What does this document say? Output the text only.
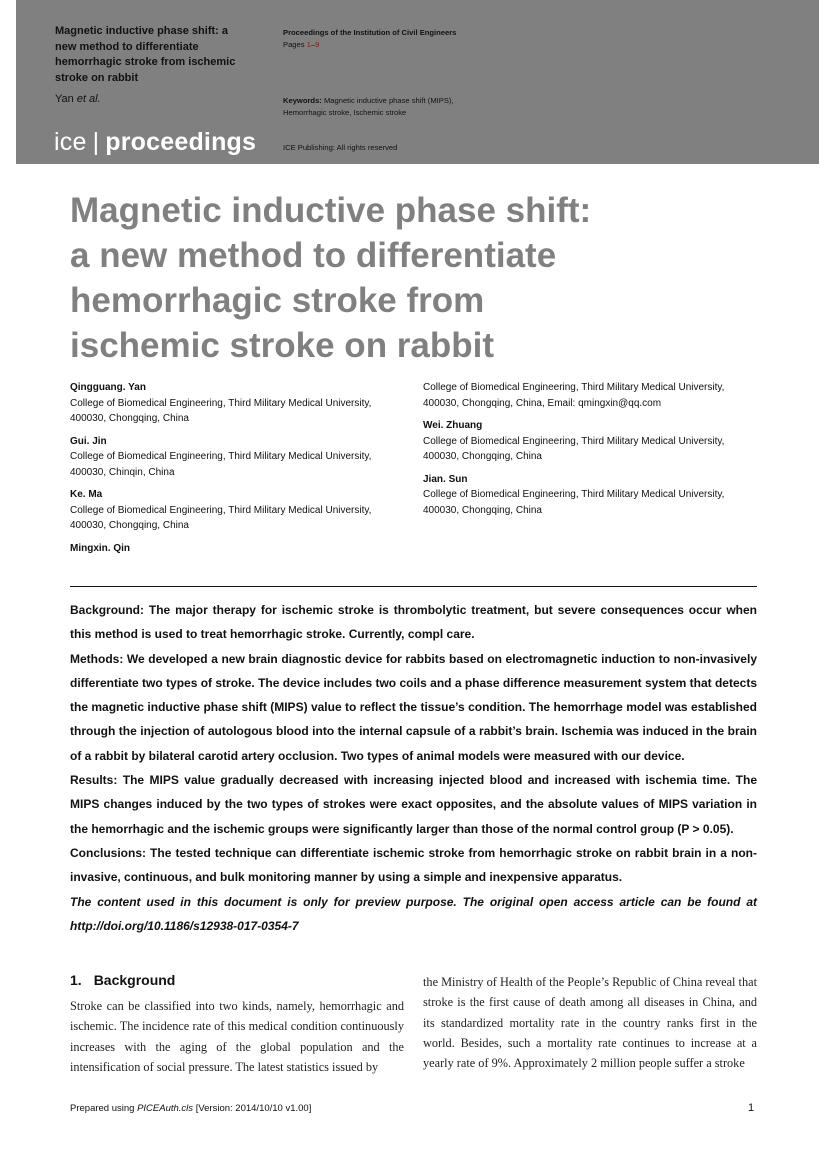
Magnetic inductive phase shift: a new method to differentiate hemorrhagic stroke from ischemic stroke on rabbit
Yan et al.
ice | proceedings
Proceedings of the Institution of Civil Engineers
Pages 1–9
Keywords: Magnetic inductive phase shift (MIPS), Hemorrhagic stroke, Ischemic stroke
ICE Publishing: All rights reserved
Magnetic inductive phase shift:
a new method to differentiate
hemorrhagic stroke from
ischemic stroke on rabbit
Qingguang. Yan
College of Biomedical Engineering, Third Military Medical University, 400030, Chongqing, China
Gui. Jin
College of Biomedical Engineering, Third Military Medical University, 400030, Chinqin, China
Ke. Ma
College of Biomedical Engineering, Third Military Medical University, 400030, Chongqing, China
Mingxin. Qin
College of Biomedical Engineering, Third Military Medical University, 400030, Chongqing, China, Email: qmingxin@qq.com
Wei. Zhuang
College of Biomedical Engineering, Third Military Medical University, 400030, Chongqing, China
Jian. Sun
College of Biomedical Engineering, Third Military Medical University, 400030, Chongqing, China

Background: The major therapy for ischemic stroke is thrombolytic treatment, but severe consequences occur when this method is used to treat hemorrhagic stroke. Currently, compl care.

Methods: We developed a new brain diagnostic device for rabbits based on electromagnetic induction to non-invasively differentiate two types of stroke. The device includes two coils and a phase difference measurement system that detects the magnetic inductive phase shift (MIPS) value to reflect the tissue’s condition. The hemorrhage model was established through the injection of autologous blood into the internal capsule of a rabbit’s brain. Ischemia was induced in the brain of a rabbit by bilateral carotid artery occlusion. Two types of animal models were measured with our device.

Results: The MIPS value gradually decreased with increasing injected blood and increased with ischemia time. The MIPS changes induced by the two types of strokes were exact opposites, and the absolute values of MIPS variation in the hemorrhagic and the ischemic groups were significantly larger than those of the normal control group (P > 0.05).

Conclusions: The tested technique can differentiate ischemic stroke from hemorrhagic stroke on rabbit brain in a non-invasive, continuous, and bulk monitoring manner by using a simple and inexpensive apparatus.

The content used in this document is only for preview purpose. The original open access article can be found at http://doi.org/10.1186/s12938-017-0354-7

1. Background

Stroke can be classified into two kinds, namely, hemorrhagic and ischemic. The incidence rate of this medical condition continuously increases with the aging of the global population and the intensification of social pressure. The latest statistics issued by

the Ministry of Health of the People’s Republic of China reveal that stroke is the first cause of death among all diseases in China, and its standardized mortality rate in the country ranks first in the world. Besides, such a mortality rate continues to increase at a yearly rate of 9%. Approximately 2 million people suffer a stroke

Prepared using PICEAuth.cls [Version: 2014/10/10 v1.00]	1
